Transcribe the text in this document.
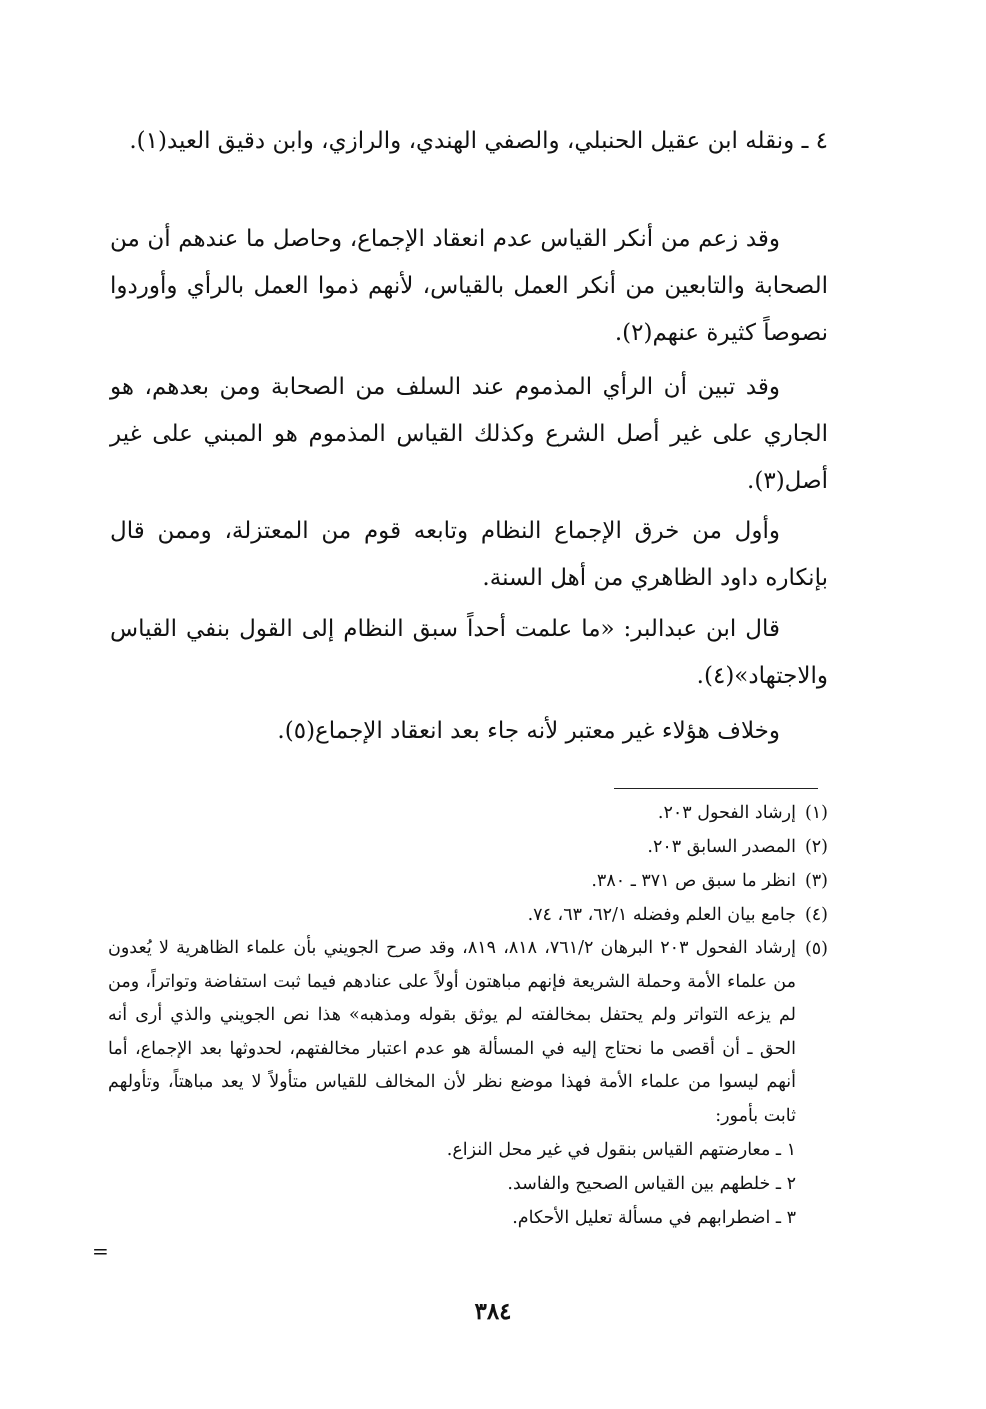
٤ ـ ونقله ابن عقيل الحنبلي، والصفي الهندي، والرازي، وابن دقيق العيد(١).

وقد زعم من أنكر القياس عدم انعقاد الإجماع، وحاصل ما عندهم أن من الصحابة والتابعين من أنكر العمل بالقياس، لأنهم ذموا العمل بالرأي وأوردوا نصوصاً كثيرة عنهم(٢).

وقد تبين أن الرأي المذموم عند السلف من الصحابة ومن بعدهم، هو الجاري على غير أصل الشرع وكذلك القياس المذموم هو المبني على غير أصل(٣).

وأول من خرق الإجماع النظام وتابعه قوم من المعتزلة، وممن قال بإنكاره داود الظاهري من أهل السنة.

قال ابن عبدالبر: «ما علمت أحداً سبق النظام إلى القول بنفي القياس والاجتهاد»(٤).

وخلاف هؤلاء غير معتبر لأنه جاء بعد انعقاد الإجماع(٥).

(١)
إرشاد الفحول ٢٠٣.
(٢)
المصدر السابق ٢٠٣.
(٣)
انظر ما سبق ص ٣٧١ ـ ٣٨٠.
(٤)
جامع بيان العلم وفضله ٦٢/١، ٦٣، ٧٤.
(٥)
إرشاد الفحول ٢٠٣ البرهان ٧٦١/٢، ٨١٨، ٨١٩، وقد صرح الجويني بأن علماء الظاهرية لا يُعدون من علماء الأمة وحملة الشريعة فإنهم مباهتون أولاً على عنادهم فيما ثبت استفاضة وتواتراً، ومن لم يزعه التواتر ولم يحتفل بمخالفته لم يوثق بقوله ومذهبه» هذا نص الجويني والذي أرى أنه الحق ـ أن أقصى ما نحتاج إليه في المسألة هو عدم اعتبار مخالفتهم، لحدوثها بعد الإجماع، أما أنهم ليسوا من علماء الأمة فهذا موضع نظر لأن المخالف للقياس متأولاً لا يعد مباهتاً، وتأولهم ثابت بأمور:

١ ـ معارضتهم القياس بنقول في غير محل النزاع.

٢ ـ خلطهم بين القياس الصحيح والفاسد.

٣ ـ اضطرابهم في مسألة تعليل الأحكام.

=
٣٨٤
